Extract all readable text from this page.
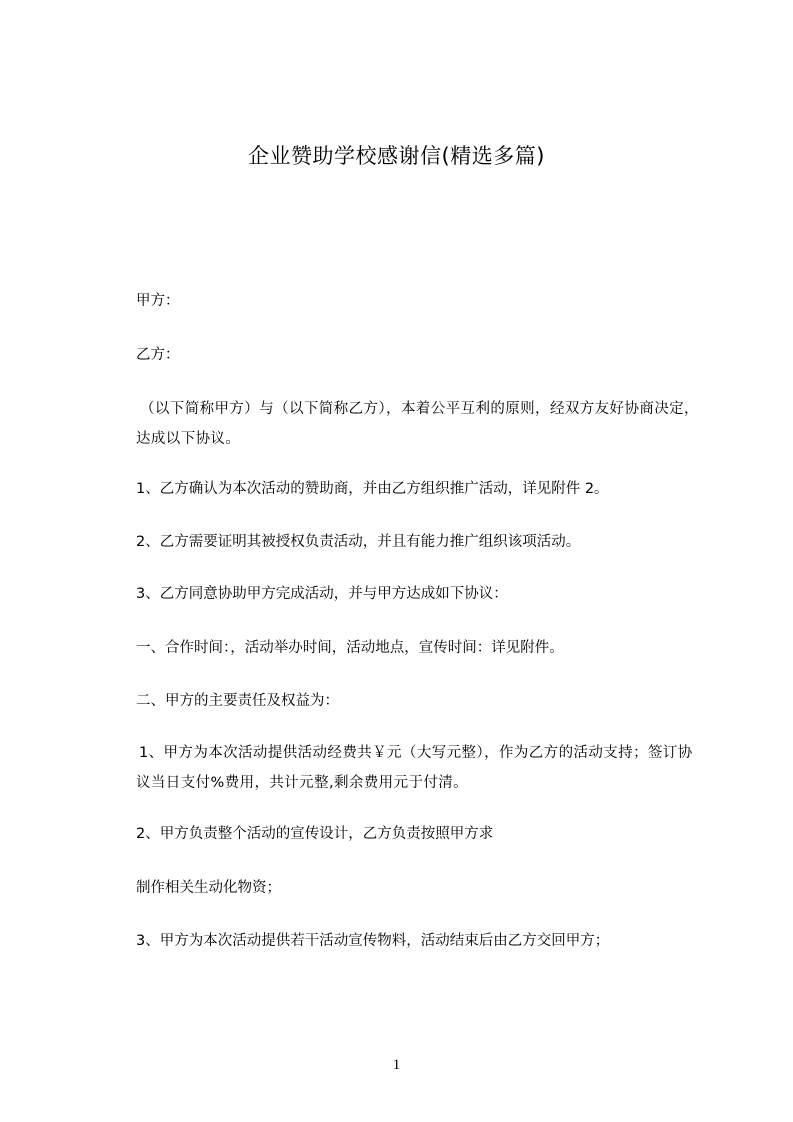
企业赞助学校感谢信(精选多篇)
甲方：
乙方：
（以下简称甲方）与（以下简称乙方），本着公平互利的原则，经双方友好协商决定，达成以下协议。
1、乙方确认为本次活动的赞助商，并由乙方组织推广活动，详见附件 2。
2、乙方需要证明其被授权负责活动，并且有能力推广组织该项活动。
3、乙方同意协助甲方完成活动，并与甲方达成如下协议：
一、合作时间：，活动举办时间，活动地点，宣传时间：详见附件。
二、甲方的主要责任及权益为：
1、甲方为本次活动提供活动经费共￥元（大写元整），作为乙方的活动支持；签订协议当日支付%费用，共计元整,剩余费用元于付清。
2、甲方负责整个活动的宣传设计，乙方负责按照甲方求
制作相关生动化物资；
3、甲方为本次活动提供若干活动宣传物料，活动结束后由乙方交回甲方；
1
